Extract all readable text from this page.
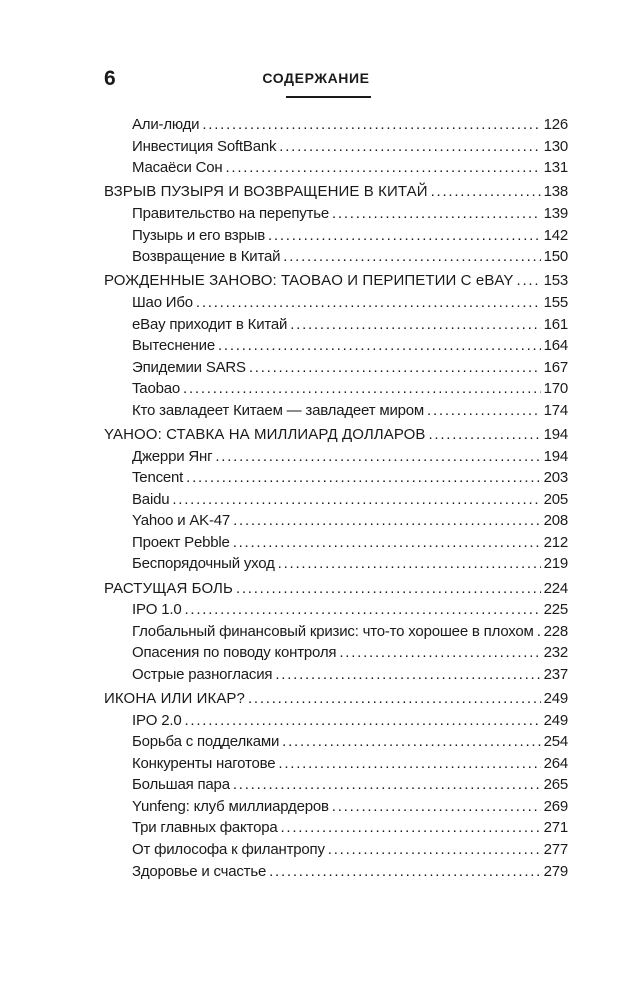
6	СОДЕРЖАНИЕ
Али-люди . . .	126
Инвестиция SoftBank . . .	130
Масаёси Сон . . .	131
ВЗРЫВ ПУЗЫРЯ И ВОЗВРАЩЕНИЕ В КИТАЙ . . .	138
Правительство на перепутье . . .	139
Пузырь и его взрыв . . .	142
Возвращение в Китай . . .	150
РОЖДЕННЫЕ ЗАНОВО: TAOBAO И ПЕРИПЕТИИ С eBAY . . . 153
Шао Ибо . . .	155
eBay приходит в Китай . . .	161
Вытеснение . . .	164
Эпидемии SARS . . .	167
Taobao . . .	170
Кто завладеет Китаем — завладеет миром . . .	174
YAHOO: СТАВКА НА МИЛЛИАРД ДОЛЛАРОВ . . .	194
Джерри Янг . . .	194
Tencent . . .	203
Baidu . . .	205
Yahoo и AK-47 . . .	208
Проект Pebble . . .	212
Беспорядочный уход . . .	219
РАСТУЩАЯ БОЛЬ . . .	224
IPO 1.0 . . .	225
Глобальный финансовый кризис: что-то хорошее в плохом . . . 228
Опасения по поводу контроля . . .	232
Острые разногласия . . .	237
ИКОНА ИЛИ ИКАР? . . .	249
IPO 2.0 . . .	249
Борьба с подделками . . .	254
Конкуренты наготове . . .	264
Большая пара . . .	265
Yunfeng: клуб миллиардеров . . .	269
Три главных фактора . . .	271
От философа к филантропу . . .	277
Здоровье и счастье . . .	279
